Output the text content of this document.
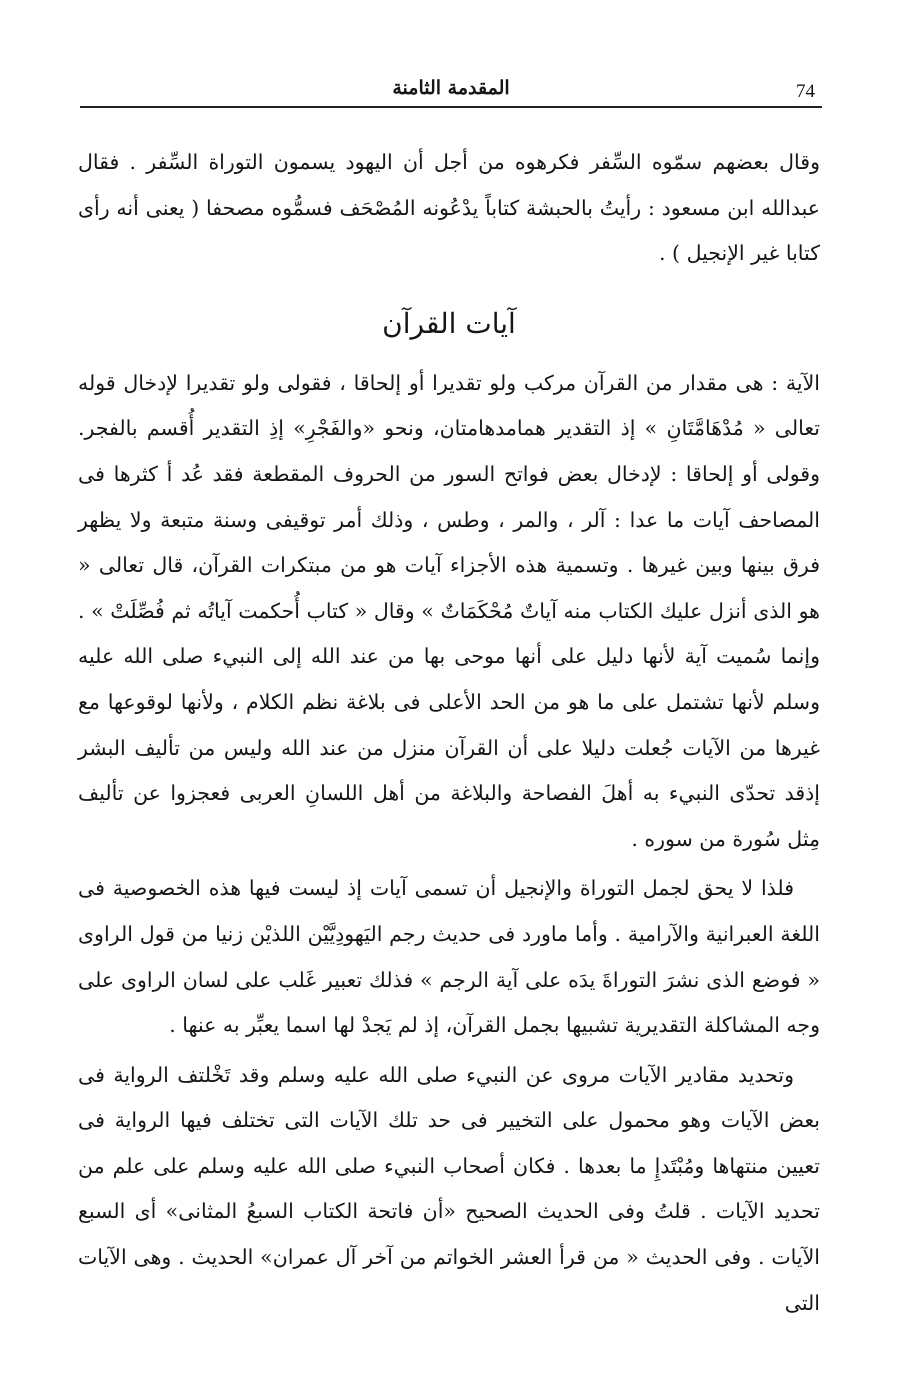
74
المقدمة الثامنة

وقال بعضهم سمّوه السِّفر فكرهوه من أجل أن اليهود يسمون التوراة السِّفر . فقال عبدالله ابن مسعود : رأيتُ بالحبشة كتاباً يدْعُونه المُصْحَف فسمُّوه مصحفا ( يعنى أنه رأى كتابا غير الإنجيل ) .

آيات القرآن

الآية : هى مقدار من القرآن مركب ولو تقديرا أو إلحاقا ، فقولى ولو تقديرا لإدخال قوله تعالى « مُدْهَامَّتَانِ » إذ التقدير همامدهامتان، ونحو «والفَجْرِ» إذِ التقدير أُقسم بالفجر. وقولى أو إلحاقا : لإدخال بعض فواتح السور من الحروف المقطعة فقد عُد أ كثرها فى المصاحف آيات ما عدا : آلر ، والمر ، وطس ، وذلك أمر توقيفى وسنة متبعة ولا يظهر فرق بينها وبين غيرها . وتسمية هذه الأجزاء آيات هو من مبتكرات القرآن، قال تعالى « هو الذى أنزل عليك الكتاب منه آياتٌ مُحْكَمَاتٌ » وقال « كتاب أُحكمت آياتُه ثم فُصِّلَتْ » . وإنما سُميت آية لأنها دليل على أنها موحى بها من عند الله إلى النبيء صلى الله عليه وسلم لأنها تشتمل على ما هو من الحد الأعلى فى بلاغة نظم الكلام ، ولأنها لوقوعها مع غيرها من الآيات جُعلت دليلا على أن القرآن منزل من عند الله وليس من تأليف البشر إذقد تحدّى النبيء به أهلَ الفصاحة والبلاغة من أهل اللسانِ العربى فعجزوا عن تأليف مِثل سُورة من سوره .

فلذا لا يحق لجمل التوراة والإنجيل أن تسمى آيات إذ ليست فيها هذه الخصوصية فى اللغة العبرانية والآرامية . وأما ماورد فى حديث رجم اليَهودِيَّيْن اللذيْن زنيا من قول الراوى « فوضع الذى نشرَ التوراةَ يدَه على آية الرجم » فذلك تعبير غَلب على لسان الراوى على وجه المشاكلة التقديرية تشبيها بجمل القرآن، إذ لم يَجدْ لها اسما يعبِّر به عنها .

وتحديد مقادير الآيات مروى عن النبيء صلى الله عليه وسلم وقد تَخْلتف الرواية فى بعض الآيات وهو محمول على التخيير فى حد تلك الآيات التى تختلف فيها الرواية فى تعيين منتهاها ومُبْتَدإِ ما بعدها . فكان أصحاب النبيء صلى الله عليه وسلم على علم من تحديد الآيات . قلتُ وفى الحديث الصحيح «أن فاتحة الكتاب السبعُ المثانى» أى السبع الآيات . وفى الحديث « من قرأ العشر الخواتم من آخر آل عمران» الحديث . وهى الآيات التى
